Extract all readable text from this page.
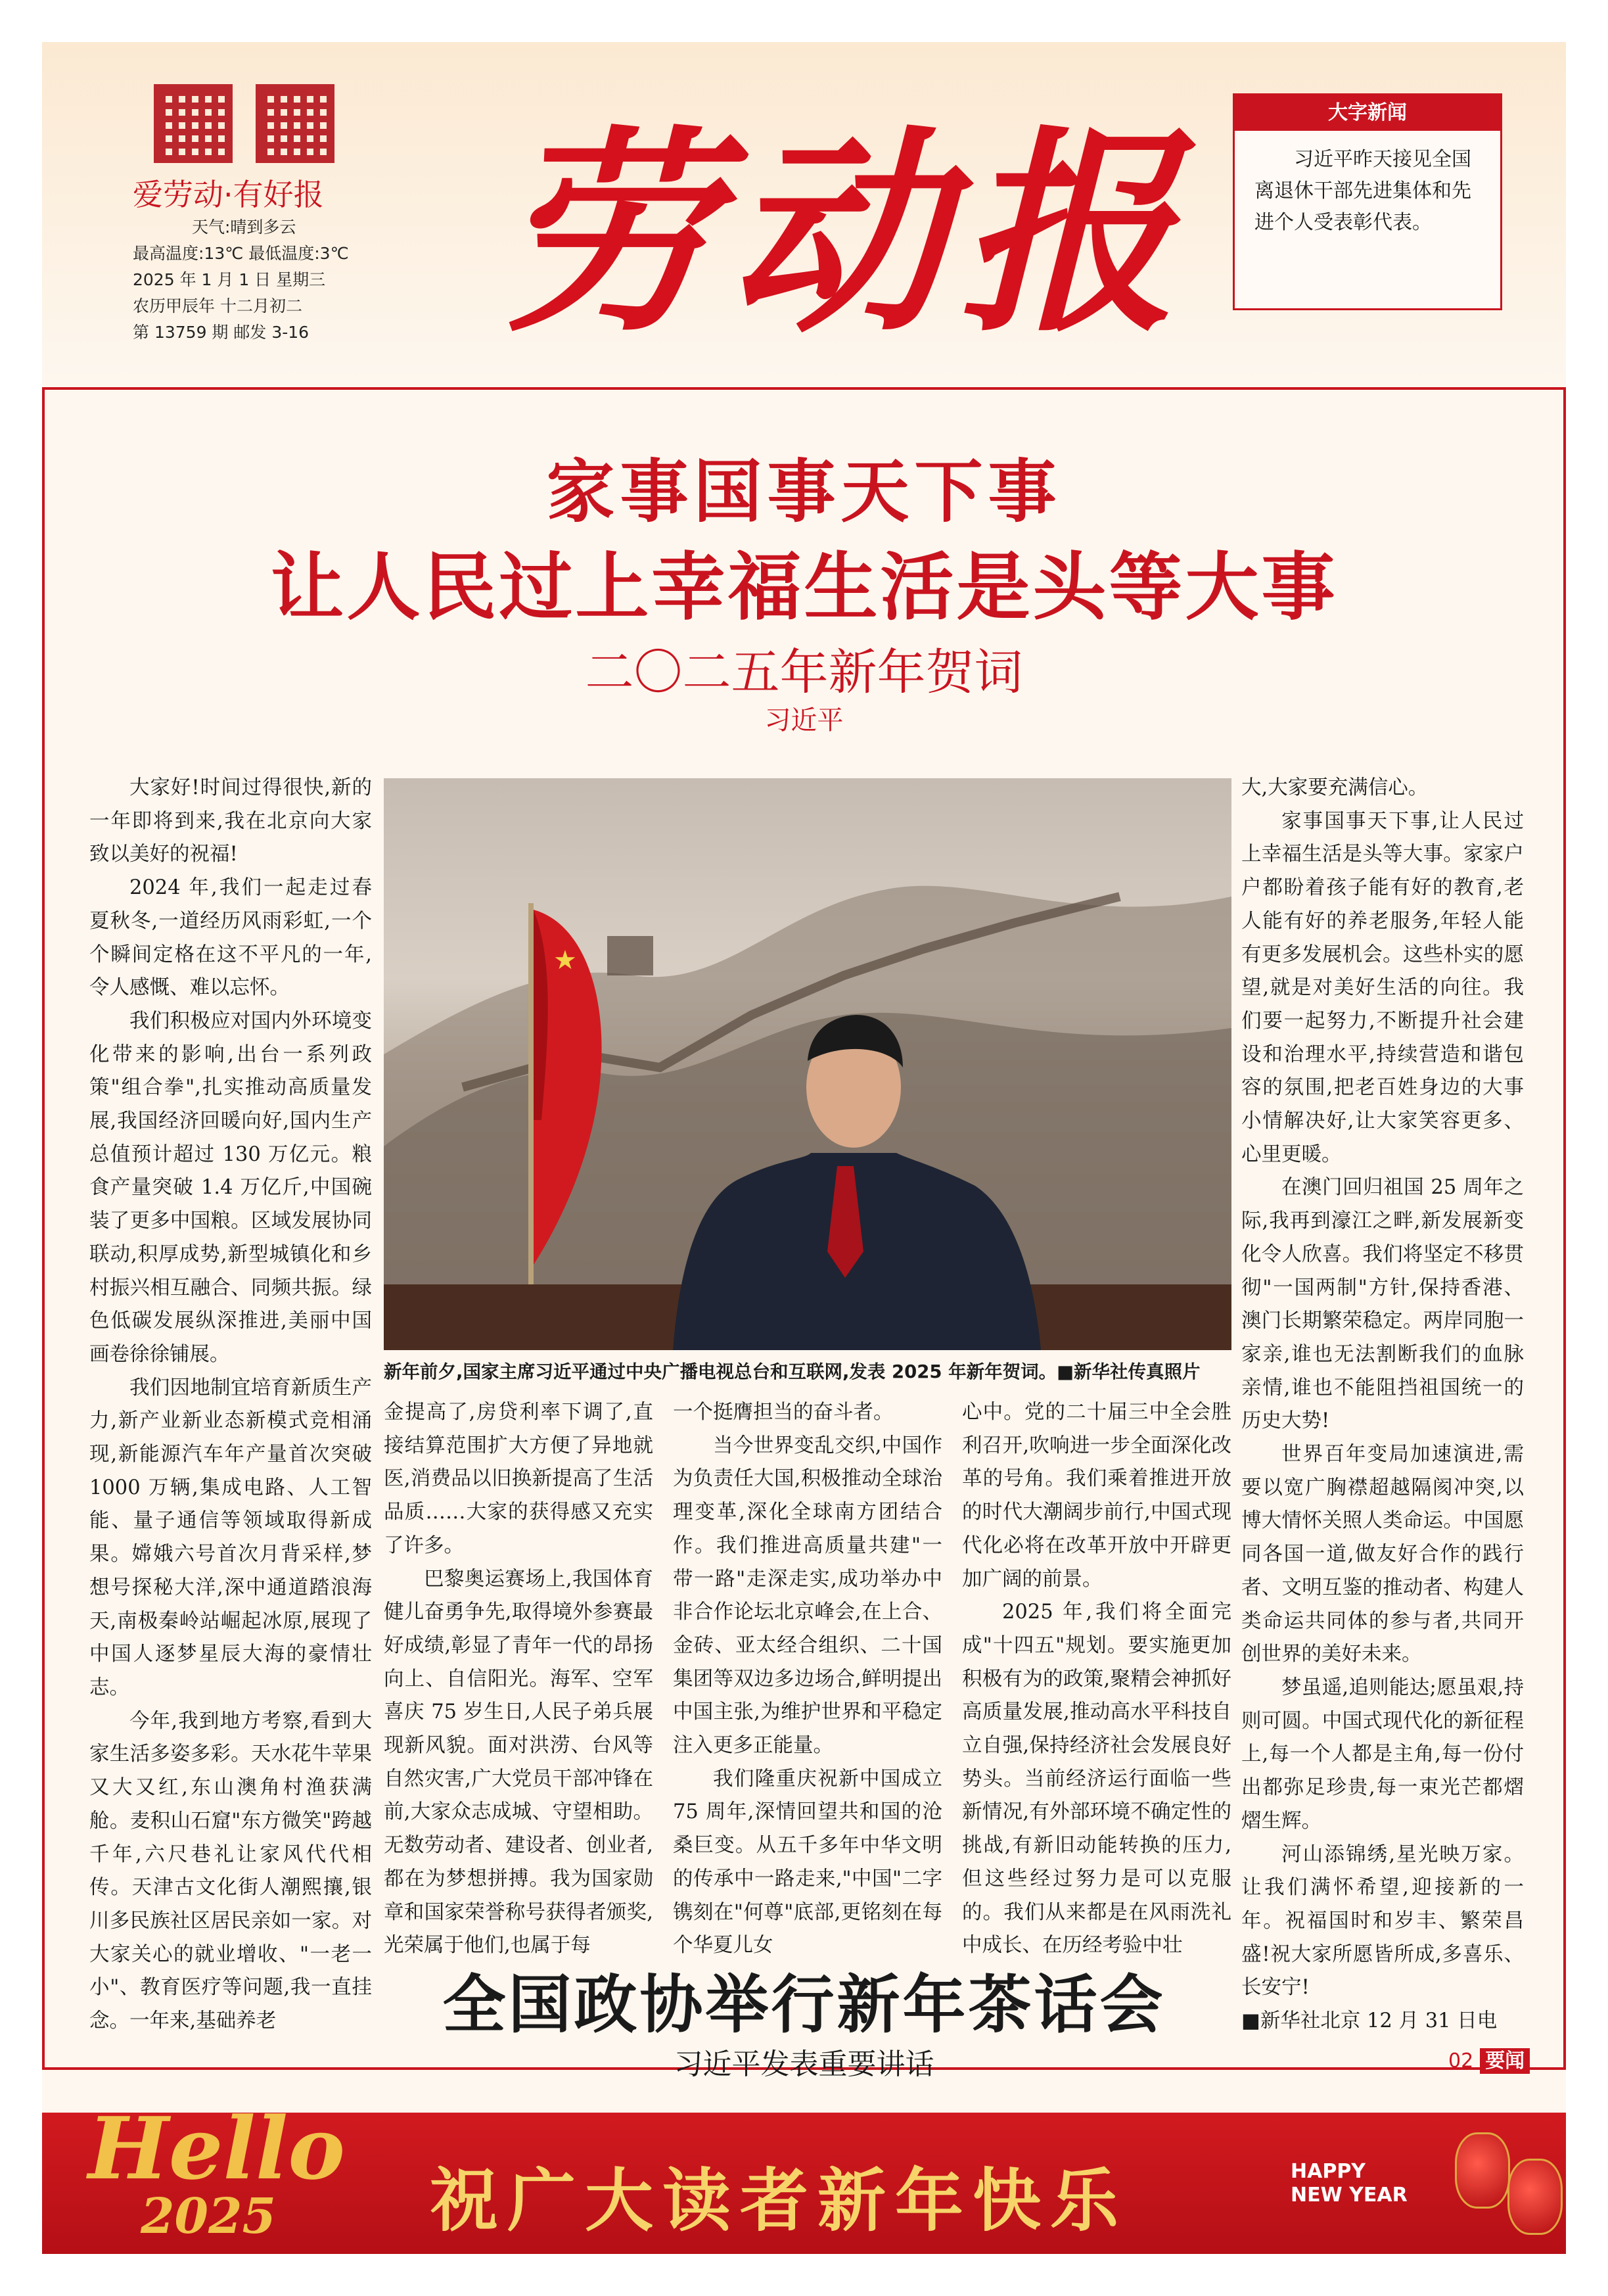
爱劳动·有好报
天气:晴到多云
最高温度:13℃ 最低温度:3℃
2025 年 1 月 1 日 星期三
农历甲辰年 十二月初二
第 13759 期 邮发 3-16 劳动报	大字新闻
习近平昨天接见全国离退休干部先进集体和先进个人受表彰代表。
家事国事天下事
让人民过上幸福生活是头等大事
二〇二五年新年贺词
习近平

大家好!时间过得很快,新的一年即将到来,我在北京向大家致以美好的祝福!

2024 年,我们一起走过春夏秋冬,一道经历风雨彩虹,一个个瞬间定格在这不平凡的一年,令人感慨、难以忘怀。

我们积极应对国内外环境变化带来的影响,出台一系列政策"组合拳",扎实推动高质量发展,我国经济回暖向好,国内生产总值预计超过 130 万亿元。粮食产量突破 1.4 万亿斤,中国碗装了更多中国粮。区域发展协同联动,积厚成势,新型城镇化和乡村振兴相互融合、同频共振。绿色低碳发展纵深推进,美丽中国画卷徐徐铺展。

我们因地制宜培育新质生产力,新产业新业态新模式竞相涌现,新能源汽车年产量首次突破 1000 万辆,集成电路、人工智能、量子通信等领域取得新成果。嫦娥六号首次月背采样,梦想号探秘大洋,深中通道踏浪海天,南极秦岭站崛起冰原,展现了中国人逐梦星辰大海的豪情壮志。

今年,我到地方考察,看到大家生活多姿多彩。天水花牛苹果又大又红,东山澳角村渔获满舱。麦积山石窟"东方微笑"跨越千年,六尺巷礼让家风代代相传。天津古文化街人潮熙攘,银川多民族社区居民亲如一家。对大家关心的就业增收、"一老一小"、教育医疗等问题,我一直挂念。一年来,基础养老

★
新年前夕,国家主席习近平通过中央广播电视总台和互联网,发表 2025 年新年贺词。■新华社传真照片

金提高了,房贷利率下调了,直接结算范围扩大方便了异地就医,消费品以旧换新提高了生活品质……大家的获得感又充实了许多。

巴黎奥运赛场上,我国体育健儿奋勇争先,取得境外参赛最好成绩,彰显了青年一代的昂扬向上、自信阳光。海军、空军喜庆 75 岁生日,人民子弟兵展现新风貌。面对洪涝、台风等自然灾害,广大党员干部冲锋在前,大家众志成城、守望相助。无数劳动者、建设者、创业者,都在为梦想拼搏。我为国家勋章和国家荣誉称号获得者颁奖,光荣属于他们,也属于每

一个挺膺担当的奋斗者。

当今世界变乱交织,中国作为负责任大国,积极推动全球治理变革,深化全球南方团结合作。我们推进高质量共建"一带一路"走深走实,成功举办中非合作论坛北京峰会,在上合、金砖、亚太经合组织、二十国集团等双边多边场合,鲜明提出中国主张,为维护世界和平稳定注入更多正能量。

我们隆重庆祝新中国成立 75 周年,深情回望共和国的沧桑巨变。从五千多年中华文明的传承中一路走来,"中国"二字镌刻在"何尊"底部,更铭刻在每个华夏儿女

心中。党的二十届三中全会胜利召开,吹响进一步全面深化改革的号角。我们乘着推进开放的时代大潮阔步前行,中国式现代化必将在改革开放中开辟更加广阔的前景。

2025 年,我们将全面完成"十四五"规划。要实施更加积极有为的政策,聚精会神抓好高质量发展,推动高水平科技自立自强,保持经济社会发展良好势头。当前经济运行面临一些新情况,有外部环境不确定性的挑战,有新旧动能转换的压力,但这些经过努力是可以克服的。我们从来都是在风雨洗礼中成长、在历经考验中壮

大,大家要充满信心。

家事国事天下事,让人民过上幸福生活是头等大事。家家户户都盼着孩子能有好的教育,老人能有好的养老服务,年轻人能有更多发展机会。这些朴实的愿望,就是对美好生活的向往。我们要一起努力,不断提升社会建设和治理水平,持续营造和谐包容的氛围,把老百姓身边的大事小情解决好,让大家笑容更多、心里更暖。

在澳门回归祖国 25 周年之际,我再到濠江之畔,新发展新变化令人欣喜。我们将坚定不移贯彻"一国两制"方针,保持香港、澳门长期繁荣稳定。两岸同胞一家亲,谁也无法割断我们的血脉亲情,谁也不能阻挡祖国统一的历史大势!

世界百年变局加速演进,需要以宽广胸襟超越隔阂冲突,以博大情怀关照人类命运。中国愿同各国一道,做友好合作的践行者、文明互鉴的推动者、构建人类命运共同体的参与者,共同开创世界的美好未来。

梦虽遥,追则能达;愿虽艰,持则可圆。中国式现代化的新征程上,每一个人都是主角,每一份付出都弥足珍贵,每一束光芒都熠熠生辉。

河山添锦绣,星光映万家。让我们满怀希望,迎接新的一年。祝福国时和岁丰、繁荣昌盛!祝大家所愿皆所成,多喜乐、长安宁!

■新华社北京 12 月 31 日电

全国政协举行新年茶话会
习近平发表重要讲话	02 要闻
Hello
2025 祝广大读者新年快乐	HAPPY
NEW YEAR
